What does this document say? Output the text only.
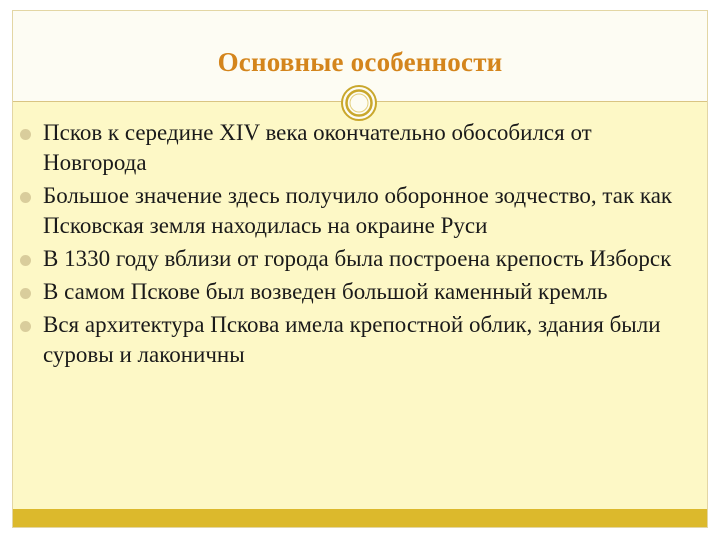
Основные особенности
Псков к середине XIV века окончательно обособился от Новгорода
Большое значение здесь получило оборонное зодчество, так как Псковская земля находилась на окраине Руси
В 1330 году вблизи от города была построена крепость Изборск
В самом Пскове был возведен большой каменный кремль
Вся архитектура Пскова имела крепостной облик, здания были суровы и лаконичны
